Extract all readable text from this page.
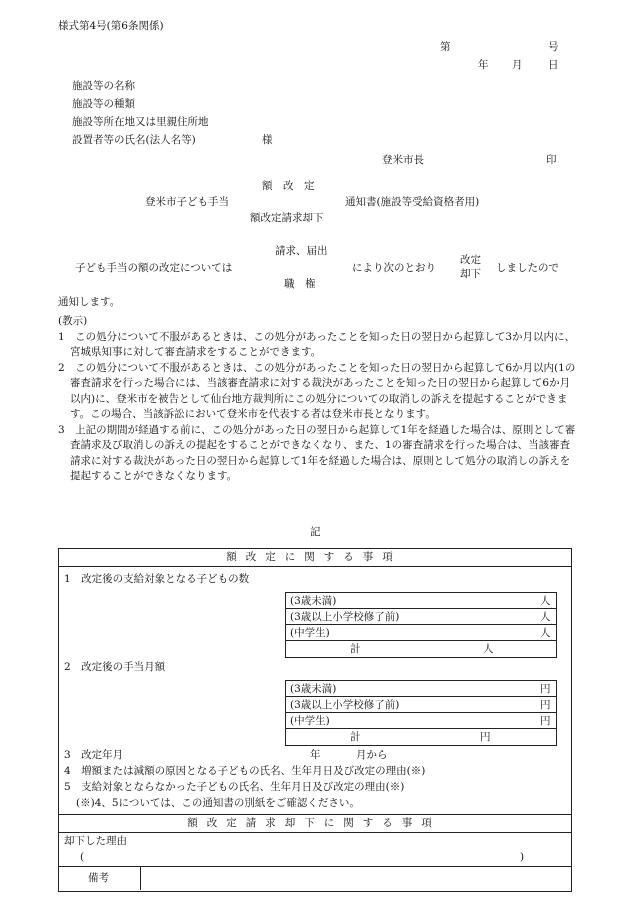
様式第4号(第6条関係)
第	号
年 月 日
施設等の名称
施設等の種類
施設等所在地又は里親住所地
設置者等の氏名(法人名等)	様
登米市長	印
額　改　定
登米市子ども手当	通知書(施設等受給資格者用)
額改定請求却下
請求、届出
子ども手当の額の改定については	により次のとおり
改定
却下 しましたので
職　権
通知します。
(教示)
1　この処分について不服があるときは、この処分があったことを知った日の翌日から起算して3か月以内に、宮城県知事に対して審査請求をすることができます。
2　この処分について不服があるときは、この処分があったことを知った日の翌日から起算して6か月以内(1の審査請求を行った場合には、当該審査請求に対する裁決があったことを知った日の翌日から起算して6か月以内)に、登米市を被告として仙台地方裁判所にこの処分についての取消しの訴えを提起することができます。この場合、当該訴訟において登米市を代表する者は登米市長となります。
3　上記の期間が経過する前に、この処分があった日の翌日から起算して1年を経過した場合は、原則として審査請求及び取消しの訴えの提起をすることができなくなり、また、1の審査請求を行った場合は、当該審査請求に対する裁決があった日の翌日から起算して1年を経過した場合は、原則として処分の取消しの訴えを提起することができなくなります。
記
額改定に関する事項
1　改定後の支給対象となる子どもの数
(3歳未満)	人
(3歳以上小学校修了前)	人
(中学生)	人
計	人
2　改定後の手当月額
(3歳未満)	円
(3歳以上小学校修了前)	円
(中学生)	円
計	円
3　改定年月	年	月から
4　増額または減額の原因となる子どもの氏名、生年月日及び改定の理由(※)
5　支給対象とならなかった子どもの氏名、生年月日及び改定の理由(※)
(※)4、5については、この通知書の別紙をご確認ください。
額改定請求却下に関する事項
却下した理由
(	)
備考
